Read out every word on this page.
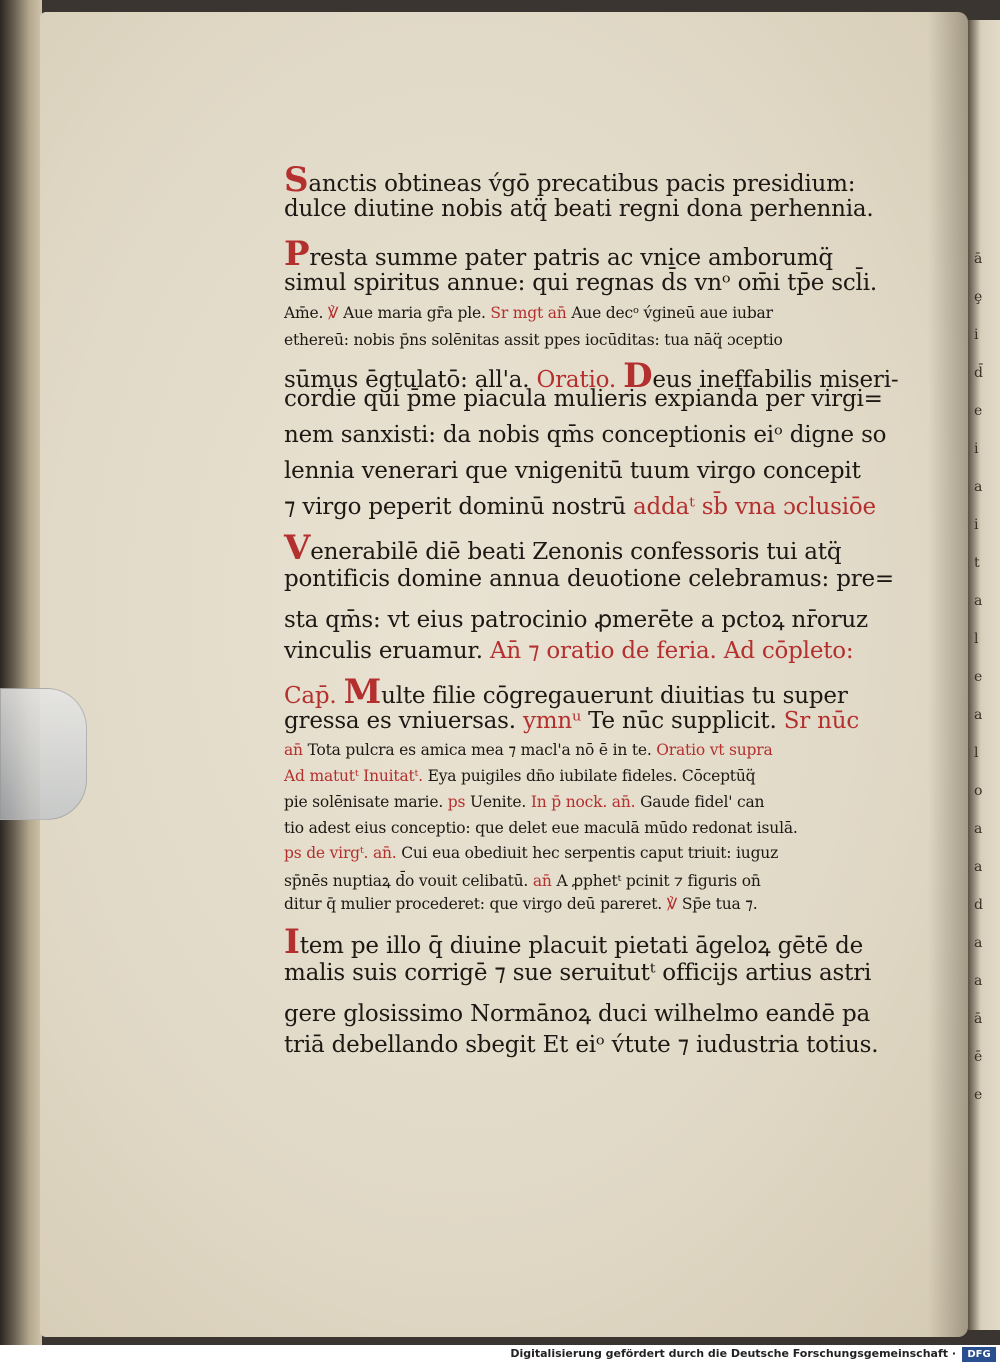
ā
ȩ
i
d̄
e
i
a
i
t
a
l
e
a
l
o
a
a
d
a
a
ā
ē
e
Sanctis obtineas v́gō precatibus pacis presidium:
dulce diutine nobis atq̈ beati regni dona perhennia.
Presta summe pater patris ac vnice amborumq̈
simul spiritus annue: qui regnas d̄s vnᵒ om̄i tp̄e scl̄i.
Am̄e. ℣ Aue maria gr̄a ple. Sr mgt an̄ Aue decᵒ v́gineū aue iubar
ethereū: nobis p̄ns solēnitas assit ppes iocūditas: tua nāq̈ ɔceptio
sūmus ēgtulatō: all'a. Oratio. Deus ineffabilis miseri-
cordie qui p̄me piacula mulieris expianda per virgi=
nem sanxisti: da nobis qm̄s conceptionis eiᵒ digne so
lennia venerari que vnigenitū tuum virgo concepit
⁊ virgo peperit dominū nostrū addaᵗ sb̄ vna ɔclusiōe
Venerabilē diē beati Zenonis confessoris tui atq̈
pontificis domine annua deuotione celebramus: pre=
sta qm̄s: vt eius patrocinio ꝓmerēte a pctoꝝ nr̄oruz
vinculis eruamur. An̄ ⁊ oratio de feria. Ad cōpleto:
Cap̄. Multe filie cōgregauerunt diuitias tu super
gressa es vniuersas. ymnᵘ Te nūc supplicit. Sr nūc
an̄ Tota pulcra es amica mea ⁊ macl'a nō ē in te. Oratio vt supra
Ad matutᵗ Inuitatᵗ. Eya puigiles dn̄o iubilate fideles. Cōceptūq̈
pie solēnisate marie. ps Uenite. In p̄ nock. an̄. Gaude fidel' can
tio adest eius conceptio: que delet eue maculā mūdo redonat isulā.
ps de virgᵗ. an̄. Cui eua obediuit hec serpentis caput triuit: iuguz
sp̄nēs nuptiaꝝ d̄o vouit celibatū. an̄ A ꝓphetᵗ pcinit ⁊ figuris on̄
ditur q̄ mulier procederet: que virgo deū pareret. ℣ Sp̄e tua ⁊.
Item pe illo q̄ diuine placuit pietati āgeloꝝ gētē de
malis suis corrigē ⁊ sue seruitutᵗ officijs artius astri
gere glosissimo Normānoꝝ duci wilhelmo eandē pa
triā debellando sbegit Et eiᵒ v́tute ⁊ iudustria totius.
Digitalisierung gefördert durch die Deutsche Forschungsgemeinschaft ·	DFG
